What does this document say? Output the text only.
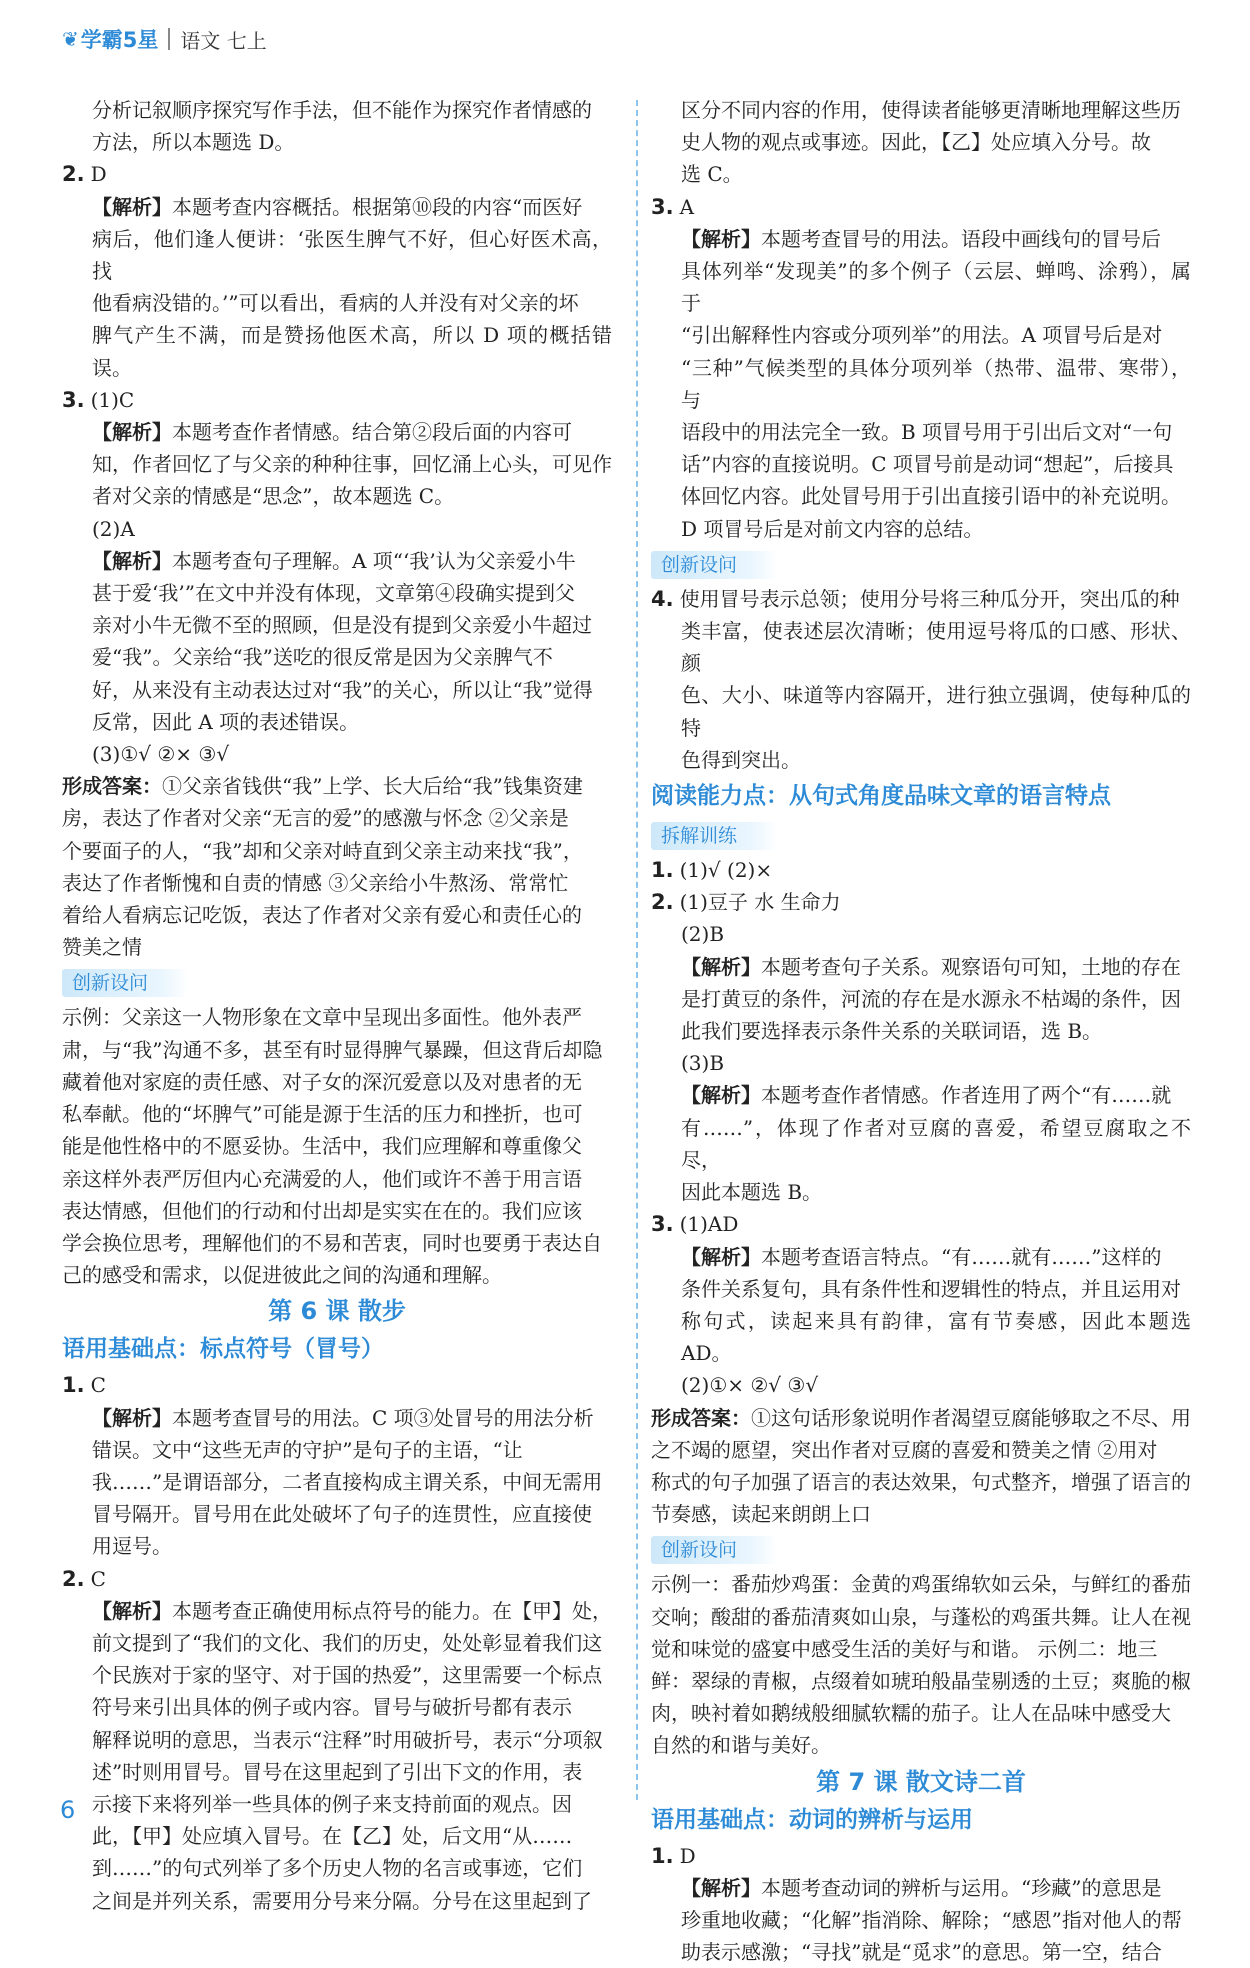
❦ 学霸5星 语文 七上
分析记叙顺序探究写作手法，但不能作为探究作者情感的
方法，所以本题选 D。
2. D
【解析】本题考查内容概括。根据第⑩段的内容“而医好
病后，他们逢人便讲：‘张医生脾气不好，但心好医术高，找
他看病没错的。’”可以看出，看病的人并没有对父亲的坏
脾气产生不满，而是赞扬他医术高，所以 D 项的概括错误。
3. (1)C
【解析】本题考查作者情感。结合第②段后面的内容可
知，作者回忆了与父亲的种种往事，回忆涌上心头，可见作
者对父亲的情感是“思念”，故本题选 C。
(2)A
【解析】本题考查句子理解。A 项“‘我’认为父亲爱小牛
甚于爱‘我’”在文中并没有体现，文章第④段确实提到父
亲对小牛无微不至的照顾，但是没有提到父亲爱小牛超过
爱“我”。父亲给“我”送吃的很反常是因为父亲脾气不
好，从来没有主动表达过对“我”的关心，所以让“我”觉得
反常，因此 A 项的表述错误。
(3)①√ ②× ③√
形成答案：①父亲省钱供“我”上学、长大后给“我”钱集资建
房，表达了作者对父亲“无言的爱”的感激与怀念 ②父亲是
个要面子的人，“我”却和父亲对峙直到父亲主动来找“我”，
表达了作者惭愧和自责的情感 ③父亲给小牛熬汤、常常忙
着给人看病忘记吃饭，表达了作者对父亲有爱心和责任心的
赞美之情
创新设问
示例：父亲这一人物形象在文章中呈现出多面性。他外表严
肃，与“我”沟通不多，甚至有时显得脾气暴躁，但这背后却隐
藏着他对家庭的责任感、对子女的深沉爱意以及对患者的无
私奉献。他的“坏脾气”可能是源于生活的压力和挫折，也可
能是他性格中的不愿妥协。生活中，我们应理解和尊重像父
亲这样外表严厉但内心充满爱的人，他们或许不善于用言语
表达情感，但他们的行动和付出却是实实在在的。我们应该
学会换位思考，理解他们的不易和苦衷，同时也要勇于表达自
己的感受和需求，以促进彼此之间的沟通和理解。
第 6 课 散步
语用基础点：标点符号（冒号）
1. C
【解析】本题考查冒号的用法。C 项③处冒号的用法分析
错误。文中“这些无声的守护”是句子的主语，“让
我……”是谓语部分，二者直接构成主谓关系，中间无需用
冒号隔开。冒号用在此处破坏了句子的连贯性，应直接使
用逗号。
2. C
【解析】本题考查正确使用标点符号的能力。在【甲】处，
前文提到了“我们的文化、我们的历史，处处彰显着我们这
个民族对于家的坚守、对于国的热爱”，这里需要一个标点
符号来引出具体的例子或内容。冒号与破折号都有表示
解释说明的意思，当表示“注释”时用破折号，表示“分项叙
述”时则用冒号。冒号在这里起到了引出下文的作用，表
示接下来将列举一些具体的例子来支持前面的观点。因
此，【甲】处应填入冒号。在【乙】处，后文用“从……
到……”的句式列举了多个历史人物的名言或事迹，它们
之间是并列关系，需要用分号来分隔。分号在这里起到了
区分不同内容的作用，使得读者能够更清晰地理解这些历
史人物的观点或事迹。因此，【乙】处应填入分号。故
选 C。
3. A
【解析】本题考查冒号的用法。语段中画线句的冒号后
具体列举“发现美”的多个例子（云层、蝉鸣、涂鸦），属于
“引出解释性内容或分项列举”的用法。A 项冒号后是对
“三种”气候类型的具体分项列举（热带、温带、寒带），与
语段中的用法完全一致。B 项冒号用于引出后文对“一句
话”内容的直接说明。C 项冒号前是动词“想起”，后接具
体回忆内容。此处冒号用于引出直接引语中的补充说明。
D 项冒号后是对前文内容的总结。
创新设问
4. 使用冒号表示总领；使用分号将三种瓜分开，突出瓜的种
类丰富，使表述层次清晰；使用逗号将瓜的口感、形状、颜
色、大小、味道等内容隔开，进行独立强调，使每种瓜的特
色得到突出。
阅读能力点：从句式角度品味文章的语言特点
拆解训练
1. (1)√ (2)×
2. (1)豆子 水 生命力
(2)B
【解析】本题考查句子关系。观察语句可知，土地的存在
是打黄豆的条件，河流的存在是水源永不枯竭的条件，因
此我们要选择表示条件关系的关联词语，选 B。
(3)B
【解析】本题考查作者情感。作者连用了两个“有……就
有……”，体现了作者对豆腐的喜爱，希望豆腐取之不尽，
因此本题选 B。
3. (1)AD
【解析】本题考查语言特点。“有……就有……”这样的
条件关系复句，具有条件性和逻辑性的特点，并且运用对
称句式，读起来具有韵律，富有节奏感，因此本题选 AD。
(2)①× ②√ ③√
形成答案：①这句话形象说明作者渴望豆腐能够取之不尽、用
之不竭的愿望，突出作者对豆腐的喜爱和赞美之情 ②用对
称式的句子加强了语言的表达效果，句式整齐，增强了语言的
节奏感，读起来朗朗上口
创新设问
示例一：番茄炒鸡蛋：金黄的鸡蛋绵软如云朵，与鲜红的番茄
交响；酸甜的番茄清爽如山泉，与蓬松的鸡蛋共舞。让人在视
觉和味觉的盛宴中感受生活的美好与和谐。 示例二：地三
鲜：翠绿的青椒，点缀着如琥珀般晶莹剔透的土豆；爽脆的椒
肉，映衬着如鹅绒般细腻软糯的茄子。让人在品味中感受大
自然的和谐与美好。
第 7 课 散文诗二首
语用基础点：动词的辨析与运用
1. D
【解析】本题考查动词的辨析与运用。“珍藏”的意思是
珍重地收藏；“化解”指消除、解除；“感恩”指对他人的帮
助表示感激；“寻找”就是“觅求”的意思。第一空，结合
6
